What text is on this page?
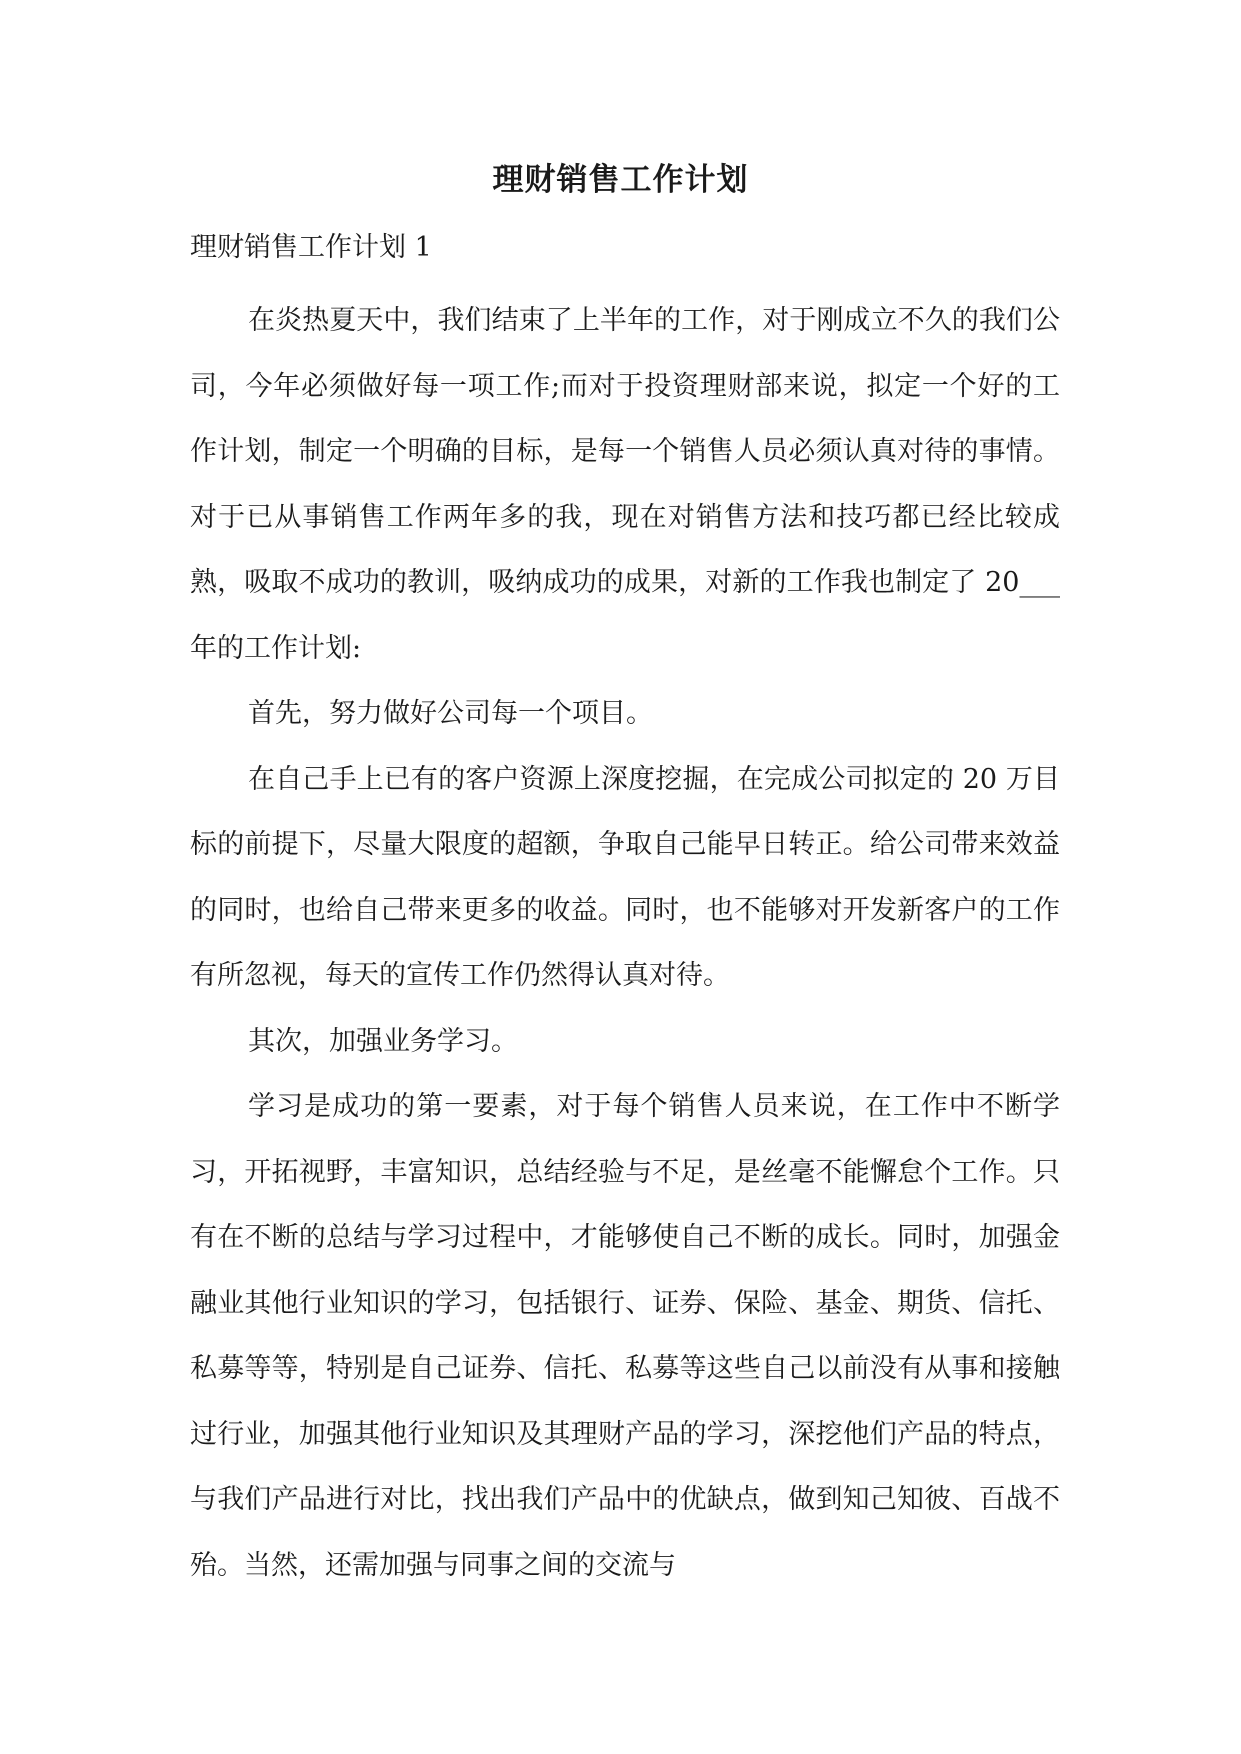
理财销售工作计划
理财销售工作计划 1

在炎热夏天中，我们结束了上半年的工作，对于刚成立不久的我们公司，今年必须做好每一项工作;而对于投资理财部来说，拟定一个好的工作计划，制定一个明确的目标，是每一个销售人员必须认真对待的事情。对于已从事销售工作两年多的我，现在对销售方法和技巧都已经比较成熟，吸取不成功的教训，吸纳成功的成果，对新的工作我也制定了 20___年的工作计划:

首先，努力做好公司每一个项目。

在自己手上已有的客户资源上深度挖掘，在完成公司拟定的 20 万目标的前提下，尽量大限度的超额，争取自己能早日转正。给公司带来效益的同时，也给自己带来更多的收益。同时，也不能够对开发新客户的工作有所忽视，每天的宣传工作仍然得认真对待。

其次，加强业务学习。

学习是成功的第一要素，对于每个销售人员来说，在工作中不断学习，开拓视野，丰富知识，总结经验与不足，是丝毫不能懈怠个工作。只有在不断的总结与学习过程中，才能够使自己不断的成长。同时，加强金融业其他行业知识的学习，包括银行、证券、保险、基金、期货、信托、私募等等，特别是自己证券、信托、私募等这些自己以前没有从事和接触过行业，加强其他行业知识及其理财产品的学习，深挖他们产品的特点，与我们产品进行对比，找出我们产品中的优缺点，做到知己知彼、百战不殆。当然，还需加强与同事之间的交流与
